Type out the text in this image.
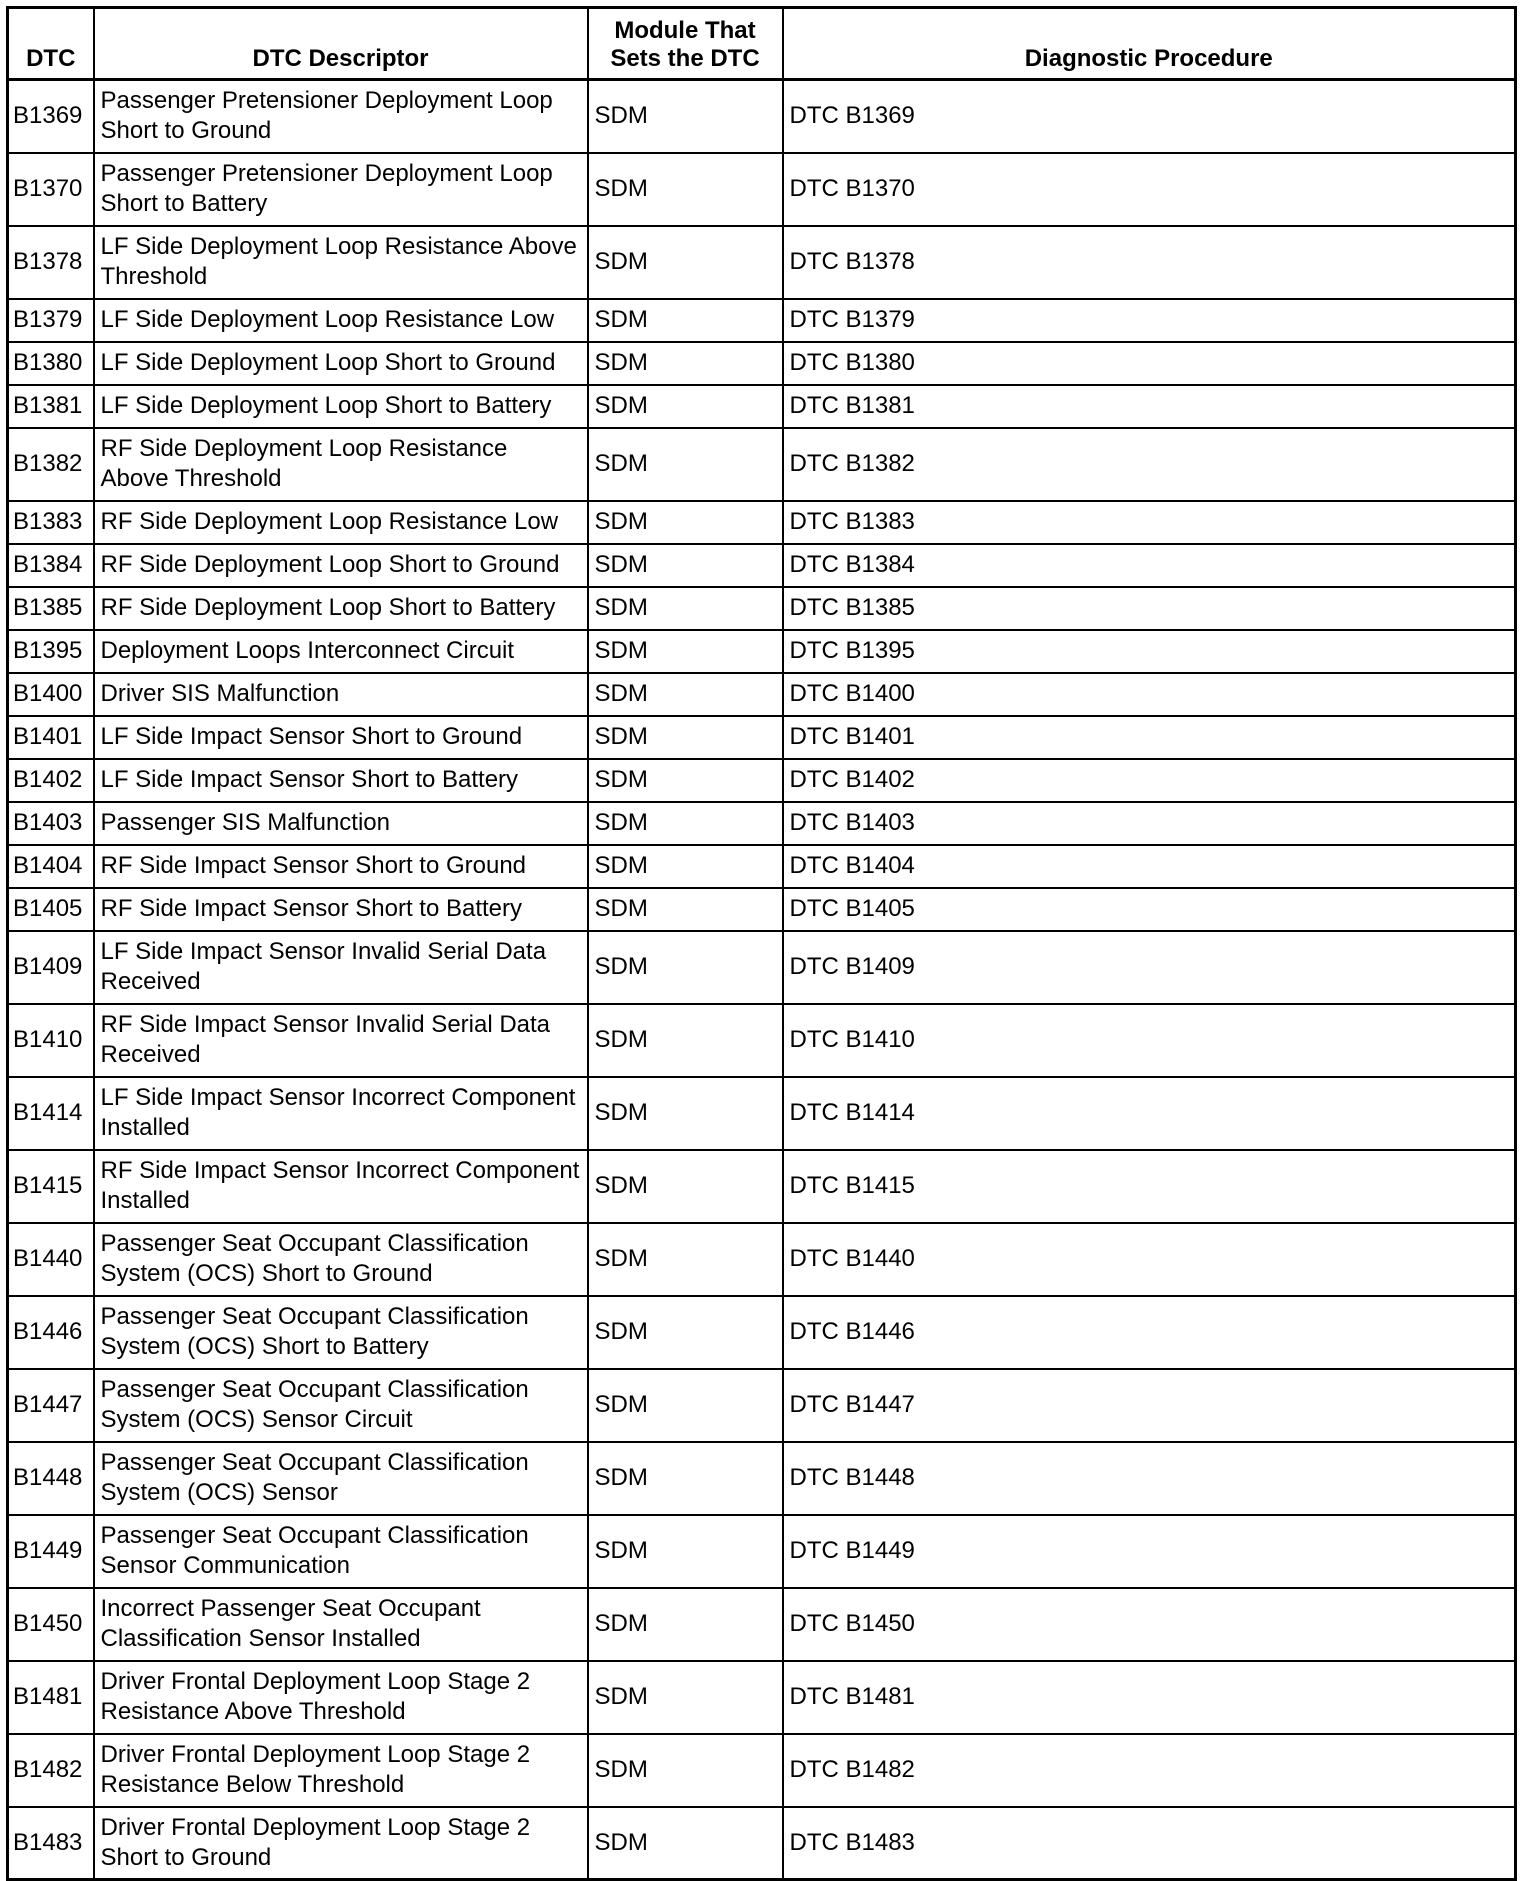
DTC	DTC Descriptor	Module That Sets the DTC	Diagnostic Procedure
B1369	Passenger Pretensioner Deployment Loop Short to Ground	SDM	DTC B1369
B1370	Passenger Pretensioner Deployment Loop Short to Battery	SDM	DTC B1370
B1378	LF Side Deployment Loop Resistance Above Threshold	SDM	DTC B1378
B1379	LF Side Deployment Loop Resistance Low	SDM	DTC B1379
B1380	LF Side Deployment Loop Short to Ground	SDM	DTC B1380
B1381	LF Side Deployment Loop Short to Battery	SDM	DTC B1381
B1382	RF Side Deployment Loop Resistance Above Threshold	SDM	DTC B1382
B1383	RF Side Deployment Loop Resistance Low	SDM	DTC B1383
B1384	RF Side Deployment Loop Short to Ground	SDM	DTC B1384
B1385	RF Side Deployment Loop Short to Battery	SDM	DTC B1385
B1395	Deployment Loops Interconnect Circuit	SDM	DTC B1395
B1400	Driver SIS Malfunction	SDM	DTC B1400
B1401	LF Side Impact Sensor Short to Ground	SDM	DTC B1401
B1402	LF Side Impact Sensor Short to Battery	SDM	DTC B1402
B1403	Passenger SIS Malfunction	SDM	DTC B1403
B1404	RF Side Impact Sensor Short to Ground	SDM	DTC B1404
B1405	RF Side Impact Sensor Short to Battery	SDM	DTC B1405
B1409	LF Side Impact Sensor Invalid Serial Data Received	SDM	DTC B1409
B1410	RF Side Impact Sensor Invalid Serial Data Received	SDM	DTC B1410
B1414	LF Side Impact Sensor Incorrect Component Installed	SDM	DTC B1414
B1415	RF Side Impact Sensor Incorrect Component Installed	SDM	DTC B1415
B1440	Passenger Seat Occupant Classification System (OCS) Short to Ground	SDM	DTC B1440
B1446	Passenger Seat Occupant Classification System (OCS) Short to Battery	SDM	DTC B1446
B1447	Passenger Seat Occupant Classification System (OCS) Sensor Circuit	SDM	DTC B1447
B1448	Passenger Seat Occupant Classification System (OCS) Sensor	SDM	DTC B1448
B1449	Passenger Seat Occupant Classification Sensor Communication	SDM	DTC B1449
B1450	Incorrect Passenger Seat Occupant Classification Sensor Installed	SDM	DTC B1450
B1481	Driver Frontal Deployment Loop Stage 2 Resistance Above Threshold	SDM	DTC B1481
B1482	Driver Frontal Deployment Loop Stage 2 Resistance Below Threshold	SDM	DTC B1482
B1483	Driver Frontal Deployment Loop Stage 2 Short to Ground	SDM	DTC B1483
